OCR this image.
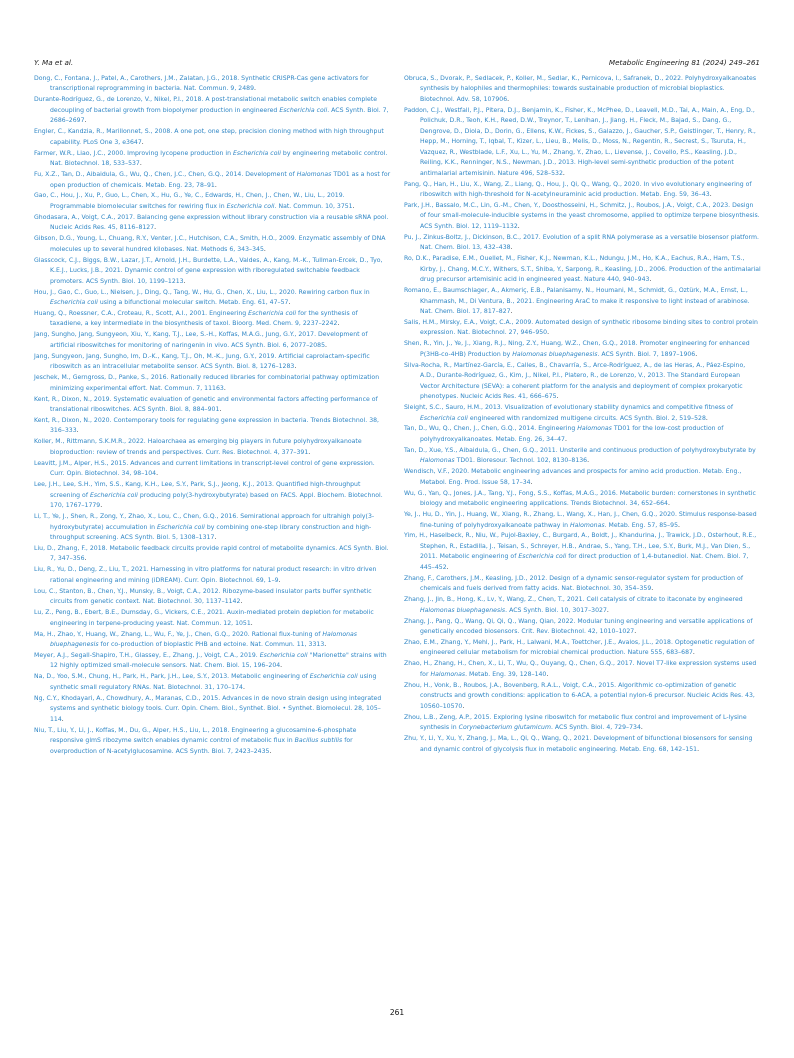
Y. Ma et al.	Metabolic Engineering 81 (2024) 249–261

Dong, C., Fontana, J., Patel, A., Carothers, J.M., Zalatan, J.G., 2018. Synthetic CRISPR-Cas gene activators for transcriptional reprogramming in bacteria. Nat. Commun. 9, 2489.

Durante-Rodríguez, G., de Lorenzo, V., Nikel, P.I., 2018. A post-translational metabolic switch enables complete decoupling of bacterial growth from biopolymer production in engineered Escherichia coli. ACS Synth. Biol. 7, 2686–2697.

Engler, C., Kandzia, R., Marillonnet, S., 2008. A one pot, one step, precision cloning method with high throughput capability. PLoS One 3, e3647.

Farmer, W.R., Liao, J.C., 2000. Improving lycopene production in Escherichia coli by engineering metabolic control. Nat. Biotechnol. 18, 533–537.

Fu, X.Z., Tan, D., Aibaidula, G., Wu, Q., Chen, J.C., Chen, G.Q., 2014. Development of Halomonas TD01 as a host for open production of chemicals. Metab. Eng. 23, 78–91.

Gao, C., Hou, J., Xu, P., Guo, L., Chen, X., Hu, G., Ye, C., Edwards, H., Chen, J., Chen, W., Liu, L., 2019. Programmable biomolecular switches for rewiring flux in Escherichia coli. Nat. Commun. 10, 3751.

Ghodasara, A., Voigt, C.A., 2017. Balancing gene expression without library construction via a reusable sRNA pool. Nucleic Acids Res. 45, 8116–8127.

Gibson, D.G., Young, L., Chuang, R.Y., Venter, J.C., Hutchison, C.A., Smith, H.O., 2009. Enzymatic assembly of DNA molecules up to several hundred kilobases. Nat. Methods 6, 343–345.

Glasscock, C.J., Biggs, B.W., Lazar, J.T., Arnold, J.H., Burdette, L.A., Valdes, A., Kang, M.-K., Tullman-Ercek, D., Tyo, K.E.J., Lucks, J.B., 2021. Dynamic control of gene expression with riboregulated switchable feedback promoters. ACS Synth. Biol. 10, 1199–1213.

Hou, J., Gao, C., Guo, L., Nielsen, J., Ding, Q., Tang, W., Hu, G., Chen, X., Liu, L., 2020. Rewiring carbon flux in Escherichia coli using a bifunctional molecular switch. Metab. Eng. 61, 47–57.

Huang, Q., Roessner, C.A., Croteau, R., Scott, A.I., 2001. Engineering Escherichia coli for the synthesis of taxadiene, a key intermediate in the biosynthesis of taxol. Bioorg. Med. Chem. 9, 2237–2242.

Jang, Sungho, Jang, Sungyeon, Xiu, Y., Kang, T.J., Lee, S.-H., Koffas, M.A.G., Jung, G.Y., 2017. Development of artificial riboswitches for monitoring of naringenin in vivo. ACS Synth. Biol. 6, 2077–2085.

Jang, Sungyeon, Jang, Sungho, Im, D.-K., Kang, T.J., Oh, M.-K., Jung, G.Y., 2019. Artificial caprolactam-specific riboswitch as an intracellular metabolite sensor. ACS Synth. Biol. 8, 1276–1283.

Jeschek, M., Gerngross, D., Panke, S., 2016. Rationally reduced libraries for combinatorial pathway optimization minimizing experimental effort. Nat. Commun. 7, 11163.

Kent, R., Dixon, N., 2019. Systematic evaluation of genetic and environmental factors affecting performance of translational riboswitches. ACS Synth. Biol. 8, 884–901.

Kent, R., Dixon, N., 2020. Contemporary tools for regulating gene expression in bacteria. Trends Biotechnol. 38, 316–333.

Koller, M., Rittmann, S.K.M.R., 2022. Haloarchaea as emerging big players in future polyhydroxyalkanoate bioproduction: review of trends and perspectives. Curr. Res. Biotechnol. 4, 377–391.

Leavitt, J.M., Alper, H.S., 2015. Advances and current limitations in transcript-level control of gene expression. Curr. Opin. Biotechnol. 34, 98–104.

Lee, J.H., Lee, S.H., Yim, S.S., Kang, K.H., Lee, S.Y., Park, S.J., Jeong, K.J., 2013. Quantified high-throughput screening of Escherichia coli producing poly(3-hydroxybutyrate) based on FACS. Appl. Biochem. Biotechnol. 170, 1767–1779.

Li, T., Ye, J., Shen, R., Zong, Y., Zhao, X., Lou, C., Chen, G.Q., 2016. Semirational approach for ultrahigh poly(3-hydroxybutyrate) accumulation in Escherichia coli by combining one-step library construction and high-throughput screening. ACS Synth. Biol. 5, 1308–1317.

Liu, D., Zhang, F., 2018. Metabolic feedback circuits provide rapid control of metabolite dynamics. ACS Synth. Biol. 7, 347–356.

Liu, R., Yu, D., Deng, Z., Liu, T., 2021. Harnessing in vitro platforms for natural product research: in vitro driven rational engineering and mining (iDREAM). Curr. Opin. Biotechnol. 69, 1–9.

Lou, C., Stanton, B., Chen, Y.J., Munsky, B., Voigt, C.A., 2012. Ribozyme-based insulator parts buffer synthetic circuits from genetic context. Nat. Biotechnol. 30, 1137–1142.

Lu, Z., Peng, B., Ebert, B.E., Dumsday, G., Vickers, C.E., 2021. Auxin-mediated protein depletion for metabolic engineering in terpene-producing yeast. Nat. Commun. 12, 1051.

Ma, H., Zhao, Y., Huang, W., Zhang, L., Wu, F., Ye, J., Chen, G.Q., 2020. Rational flux-tuning of Halomonas bluephagenesis for co-production of bioplastic PHB and ectoine. Nat. Commun. 11, 3313.

Meyer, A.J., Segall-Shapiro, T.H., Glassey, E., Zhang, J., Voigt, C.A., 2019. Escherichia coli "Marionette" strains with 12 highly optimized small-molecule sensors. Nat. Chem. Biol. 15, 196–204.

Na, D., Yoo, S.M., Chung, H., Park, H., Park, J.H., Lee, S.Y., 2013. Metabolic engineering of Escherichia coli using synthetic small regulatory RNAs. Nat. Biotechnol. 31, 170–174.

Ng, C.Y., Khodayari, A., Chowdhury, A., Maranas, C.D., 2015. Advances in de novo strain design using integrated systems and synthetic biology tools. Curr. Opin. Chem. Biol., Synthet. Biol. • Synthet. Biomolecul. 28, 105–114.

Niu, T., Liu, Y., Li, J., Koffas, M., Du, G., Alper, H.S., Liu, L., 2018. Engineering a glucosamine-6-phosphate responsive glmS ribozyme switch enables dynamic control of metabolic flux in Bacillus subtilis for overproduction of N-acetylglucosamine. ACS Synth. Biol. 7, 2423–2435.

Obruca, S., Dvorak, P., Sedlacek, P., Koller, M., Sedlar, K., Pernicova, I., Safranek, D., 2022. Polyhydroxyalkanoates synthesis by halophiles and thermophiles: towards sustainable production of microbial bioplastics. Biotechnol. Adv. 58, 107906.

Paddon, C.J., Westfall, P.J., Pitera, D.J., Benjamin, K., Fisher, K., McPhee, D., Leavell, M.D., Tai, A., Main, A., Eng, D., Polichuk, D.R., Teoh, K.H., Reed, D.W., Treynor, T., Lenihan, J., Jiang, H., Fleck, M., Bajad, S., Dang, G., Dengrove, D., Diola, D., Dorin, G., Ellens, K.W., Fickes, S., Galazzo, J., Gaucher, S.P., Geistlinger, T., Henry, R., Hepp, M., Horning, T., Iqbal, T., Kizer, L., Lieu, B., Melis, D., Moss, N., Regentin, R., Secrest, S., Tsuruta, H., Vazquez, R., Westblade, L.F., Xu, L., Yu, M., Zhang, Y., Zhao, L., Lievense, J., Covello, P.S., Keasling, J.D., Reiling, K.K., Renninger, N.S., Newman, J.D., 2013. High-level semi-synthetic production of the potent antimalarial artemisinin. Nature 496, 528–532.

Pang, Q., Han, H., Liu, X., Wang, Z., Liang, Q., Hou, J., Qi, Q., Wang, Q., 2020. In vivo evolutionary engineering of riboswitch with high-threshold for N-acetylneuraminic acid production. Metab. Eng. 59, 36–43.

Park, J.H., Bassalo, M.C., Lin, G.-M., Chen, Y., Doosthosseini, H., Schmitz, J., Roubos, J.A., Voigt, C.A., 2023. Design of four small-molecule-inducible systems in the yeast chromosome, applied to optimize terpene biosynthesis. ACS Synth. Biol. 12, 1119–1132.

Pu, J., Zinkus-Boltz, J., Dickinson, B.C., 2017. Evolution of a split RNA polymerase as a versatile biosensor platform. Nat. Chem. Biol. 13, 432–438.

Ro, D.K., Paradise, E.M., Ouellet, M., Fisher, K.J., Newman, K.L., Ndungu, J.M., Ho, K.A., Eachus, R.A., Ham, T.S., Kirby, J., Chang, M.C.Y., Withers, S.T., Shiba, Y., Sarpong, R., Keasling, J.D., 2006. Production of the antimalarial drug precursor artemisinic acid in engineered yeast. Nature 440, 940–943.

Romano, E., Baumschlager, A., Akmeriç, E.B., Palanisamy, N., Houmani, M., Schmidt, G., Oztürk, M.A., Ernst, L., Khammash, M., Di Ventura, B., 2021. Engineering AraC to make it responsive to light instead of arabinose. Nat. Chem. Biol. 17, 817–827.

Salis, H.M., Mirsky, E.A., Voigt, C.A., 2009. Automated design of synthetic ribosome binding sites to control protein expression. Nat. Biotechnol. 27, 946–950.

Shen, R., Yin, J., Ye, J., Xiang, R.J., Ning, Z.Y., Huang, W.Z., Chen, G.Q., 2018. Promoter engineering for enhanced P(3HB-co-4HB) Production by Halomonas bluephagenesis. ACS Synth. Biol. 7, 1897–1906.

Silva-Rocha, R., Martínez-García, E., Calles, B., Chavarría, S., Arce-Rodríguez, A., de las Heras, A., Páez-Espino, A.D., Durante-Rodríguez, G., Kim, J., Nikel, P.I., Platero, R., de Lorenzo, V., 2013. The Standard European Vector Architecture (SEVA): a coherent platform for the analysis and deployment of complex prokaryotic phenotypes. Nucleic Acids Res. 41, 666–675.

Sleight, S.C., Sauro, H.M., 2013. Visualization of evolutionary stability dynamics and competitive fitness of Escherichia coli engineered with randomized multigene circuits. ACS Synth. Biol. 2, 519–528.

Tan, D., Wu, Q., Chen, J., Chen, G.Q., 2014. Engineering Halomonas TD01 for the low-cost production of polyhydroxyalkanoates. Metab. Eng. 26, 34–47.

Tan, D., Xue, Y.S., Aibaidula, G., Chen, G.Q., 2011. Unsterile and continuous production of polyhydroxybutyrate by Halomonas TD01. Bioresour. Technol. 102, 8130–8136.

Wendisch, V.F., 2020. Metabolic engineering advances and prospects for amino acid production. Metab. Eng., Metabol. Eng. Prod. Issue 58, 17–34.

Wu, G., Yan, Q., Jones, J.A., Tang, Y.J., Fong, S.S., Koffas, M.A.G., 2016. Metabolic burden: cornerstones in synthetic biology and metabolic engineering applications. Trends Biotechnol. 34, 652–664.

Ye, J., Hu, D., Yin, J., Huang, W., Xiang, R., Zhang, L., Wang, X., Han, J., Chen, G.Q., 2020. Stimulus response-based fine-tuning of polyhydroxyalkanoate pathway in Halomonas. Metab. Eng. 57, 85–95.

Yim, H., Haselbeck, R., Niu, W., Pujol-Baxley, C., Burgard, A., Boldt, J., Khandurina, J., Trawick, J.D., Osterhout, R.E., Stephen, R., Estadilla, J., Teisan, S., Schreyer, H.B., Andrae, S., Yang, T.H., Lee, S.Y., Burk, M.J., Van Dien, S., 2011. Metabolic engineering of Escherichia coli for direct production of 1,4-butanediol. Nat. Chem. Biol. 7, 445–452.

Zhang, F., Carothers, J.M., Keasling, J.D., 2012. Design of a dynamic sensor-regulator system for production of chemicals and fuels derived from fatty acids. Nat. Biotechnol. 30, 354–359.

Zhang, J., Jin, B., Hong, K., Lv, Y., Wang, Z., Chen, T., 2021. Cell catalysis of citrate to itaconate by engineered Halomonas bluephagenesis. ACS Synth. Biol. 10, 3017–3027.

Zhang, J., Pang, Q., Wang, Qi, Qi, Q., Wang, Qian, 2022. Modular tuning engineering and versatile applications of genetically encoded biosensors. Crit. Rev. Biotechnol. 42, 1010–1027.

Zhao, E.M., Zhang, Y., Mehl, J., Park, H., Lalwani, M.A., Toettcher, J.E., Avalos, J.L., 2018. Optogenetic regulation of engineered cellular metabolism for microbial chemical production. Nature 555, 683–687.

Zhao, H., Zhang, H., Chen, X., Li, T., Wu, Q., Ouyang, Q., Chen, G.Q., 2017. Novel T7-like expression systems used for Halomonas. Metab. Eng. 39, 128–140.

Zhou, H., Vonk, B., Roubos, J.A., Bovenberg, R.A.L., Voigt, C.A., 2015. Algorithmic co-optimization of genetic constructs and growth conditions: application to 6-ACA, a potential nylon-6 precursor. Nucleic Acids Res. 43, 10560–10570.

Zhou, L.B., Zeng, A.P., 2015. Exploring lysine riboswitch for metabolic flux control and improvement of L-lysine synthesis in Corynebacterium glutamicum. ACS Synth. Biol. 4, 729–734.

Zhu, Y., Li, Y., Xu, Y., Zhang, J., Ma, L., Qi, Q., Wang, Q., 2021. Development of bifunctional biosensors for sensing and dynamic control of glycolysis flux in metabolic engineering. Metab. Eng. 68, 142–151.

261
